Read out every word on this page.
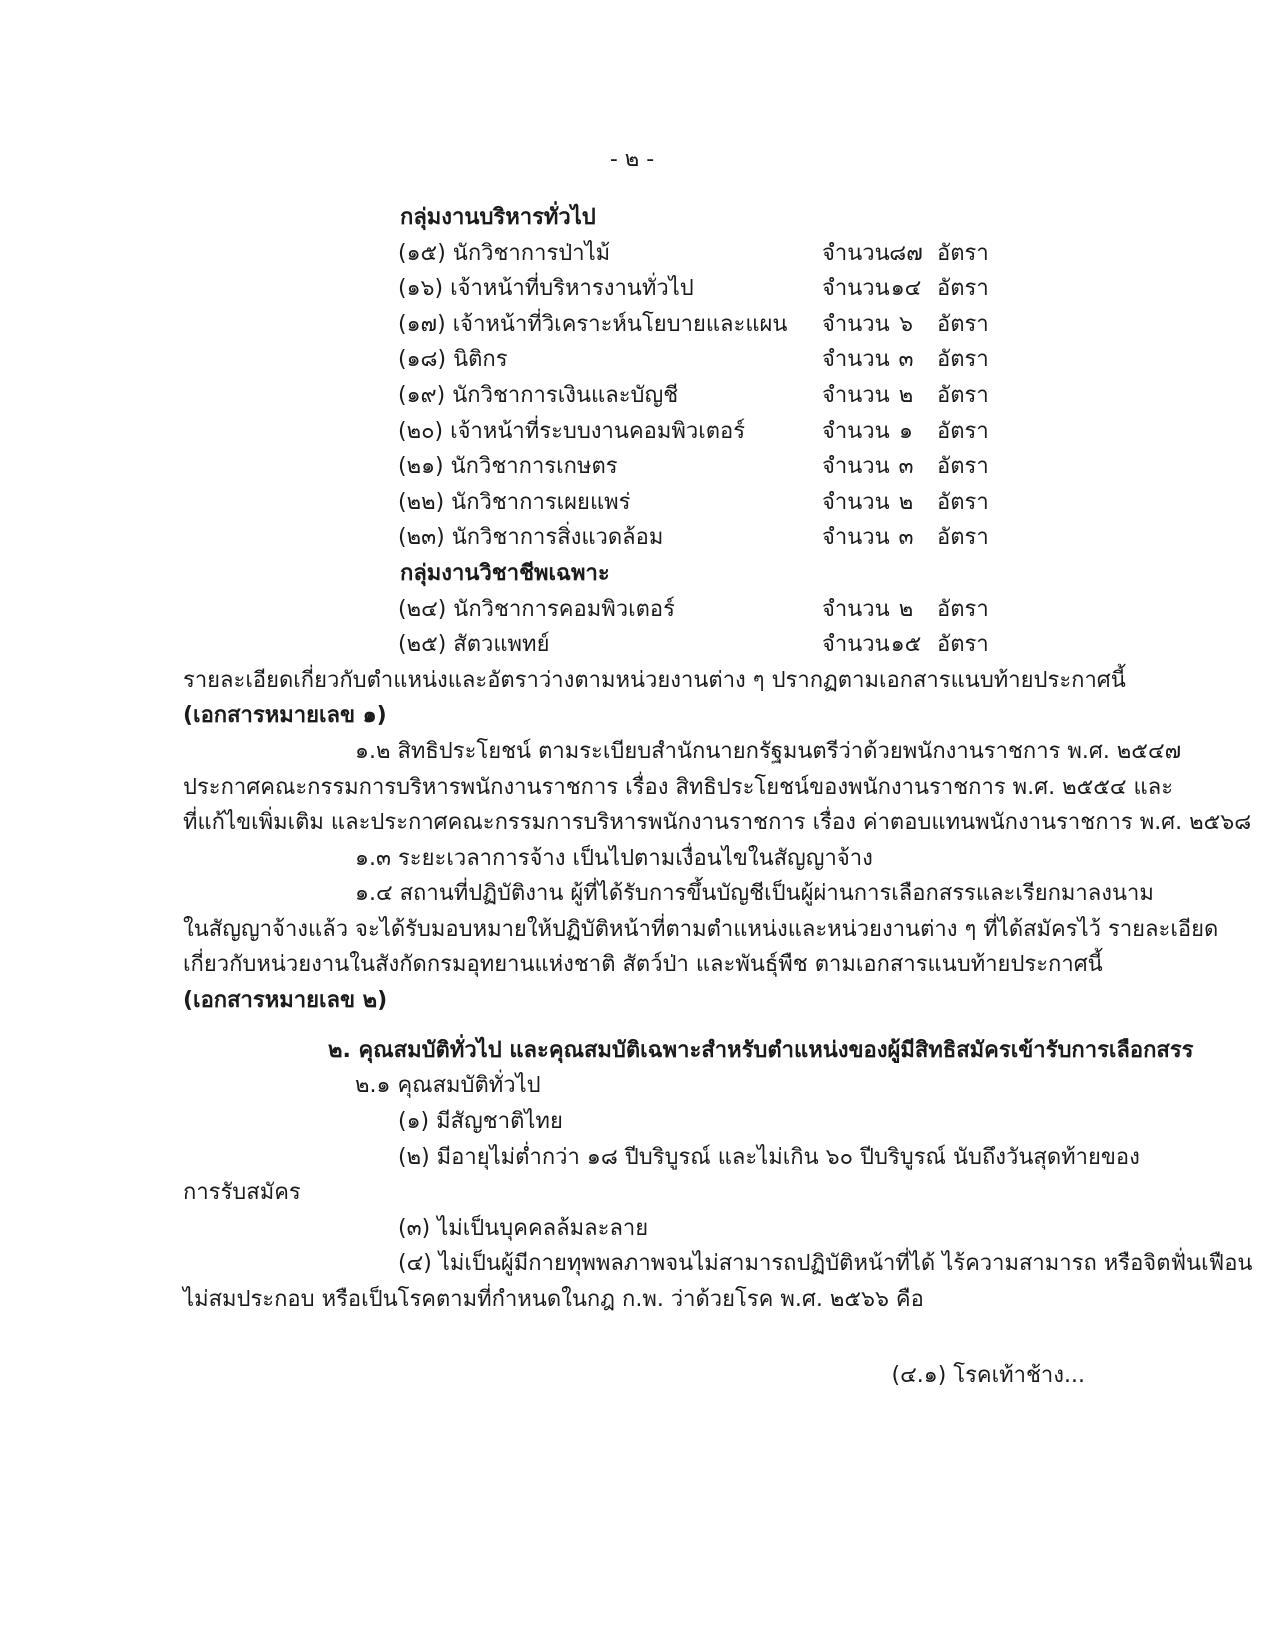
- ๒ -
กลุ่มงานบริหารทั่วไป
(๑๕) นักวิชาการป่าไม้	จำนวน๘๗ อัตรา
(๑๖) เจ้าหน้าที่บริหารงานทั่วไป	จำนวน๑๔ อัตรา
(๑๗) เจ้าหน้าที่วิเคราะห์นโยบายและแผน จำนวน ๖ อัตรา
(๑๘) นิติกร	จำนวน ๓ อัตรา
(๑๙) นักวิชาการเงินและบัญชี	จำนวน ๒ อัตรา
(๒๐) เจ้าหน้าที่ระบบงานคอมพิวเตอร์	จำนวน ๑ อัตรา
(๒๑) นักวิชาการเกษตร	จำนวน ๓ อัตรา
(๒๒) นักวิชาการเผยแพร่	จำนวน ๒ อัตรา
(๒๓) นักวิชาการสิ่งแวดล้อม	จำนวน ๓ อัตรา
กลุ่มงานวิชาชีพเฉพาะ
(๒๔) นักวิชาการคอมพิวเตอร์	จำนวน ๒ อัตรา
(๒๕) สัตวแพทย์	จำนวน๑๕ อัตรา
รายละเอียดเกี่ยวกับตำแหน่งและอัตราว่างตามหน่วยงานต่าง ๆ ปรากฏตามเอกสารแนบท้ายประกาศนี้
(เอกสารหมายเลข ๑)
๑.๒ สิทธิประโยชน์ ตามระเบียบสำนักนายกรัฐมนตรีว่าด้วยพนักงานราชการ พ.ศ. ๒๕๔๗
ประกาศคณะกรรมการบริหารพนักงานราชการ เรื่อง สิทธิประโยชน์ของพนักงานราชการ พ.ศ. ๒๕๕๔ และ
ที่แก้ไขเพิ่มเติม และประกาศคณะกรรมการบริหารพนักงานราชการ เรื่อง ค่าตอบแทนพนักงานราชการ พ.ศ. ๒๕๖๘
๑.๓ ระยะเวลาการจ้าง เป็นไปตามเงื่อนไขในสัญญาจ้าง
๑.๔ สถานที่ปฏิบัติงาน ผู้ที่ได้รับการขึ้นบัญชีเป็นผู้ผ่านการเลือกสรรและเรียกมาลงนาม
ในสัญญาจ้างแล้ว จะได้รับมอบหมายให้ปฏิบัติหน้าที่ตามตำแหน่งและหน่วยงานต่าง ๆ ที่ได้สมัครไว้ รายละเอียด
เกี่ยวกับหน่วยงานในสังกัดกรมอุทยานแห่งชาติ สัตว์ป่า และพันธุ์พืช ตามเอกสารแนบท้ายประกาศนี้
(เอกสารหมายเลข ๒)
๒. คุณสมบัติทั่วไป และคุณสมบัติเฉพาะสำหรับตำแหน่งของผู้มีสิทธิสมัครเข้ารับการเลือกสรร
๒.๑ คุณสมบัติทั่วไป
(๑) มีสัญชาติไทย
(๒) มีอายุไม่ต่ำกว่า ๑๘ ปีบริบูรณ์ และไม่เกิน ๖๐ ปีบริบูรณ์ นับถึงวันสุดท้ายของ
การรับสมัคร
(๓) ไม่เป็นบุคคลล้มละลาย
(๔) ไม่เป็นผู้มีกายทุพพลภาพจนไม่สามารถปฏิบัติหน้าที่ได้ ไร้ความสามารถ หรือจิตฟั่นเฟือน
ไม่สมประกอบ หรือเป็นโรคตามที่กำหนดในกฎ ก.พ. ว่าด้วยโรค พ.ศ. ๒๕๖๖ คือ
(๔.๑) โรคเท้าช้าง...
